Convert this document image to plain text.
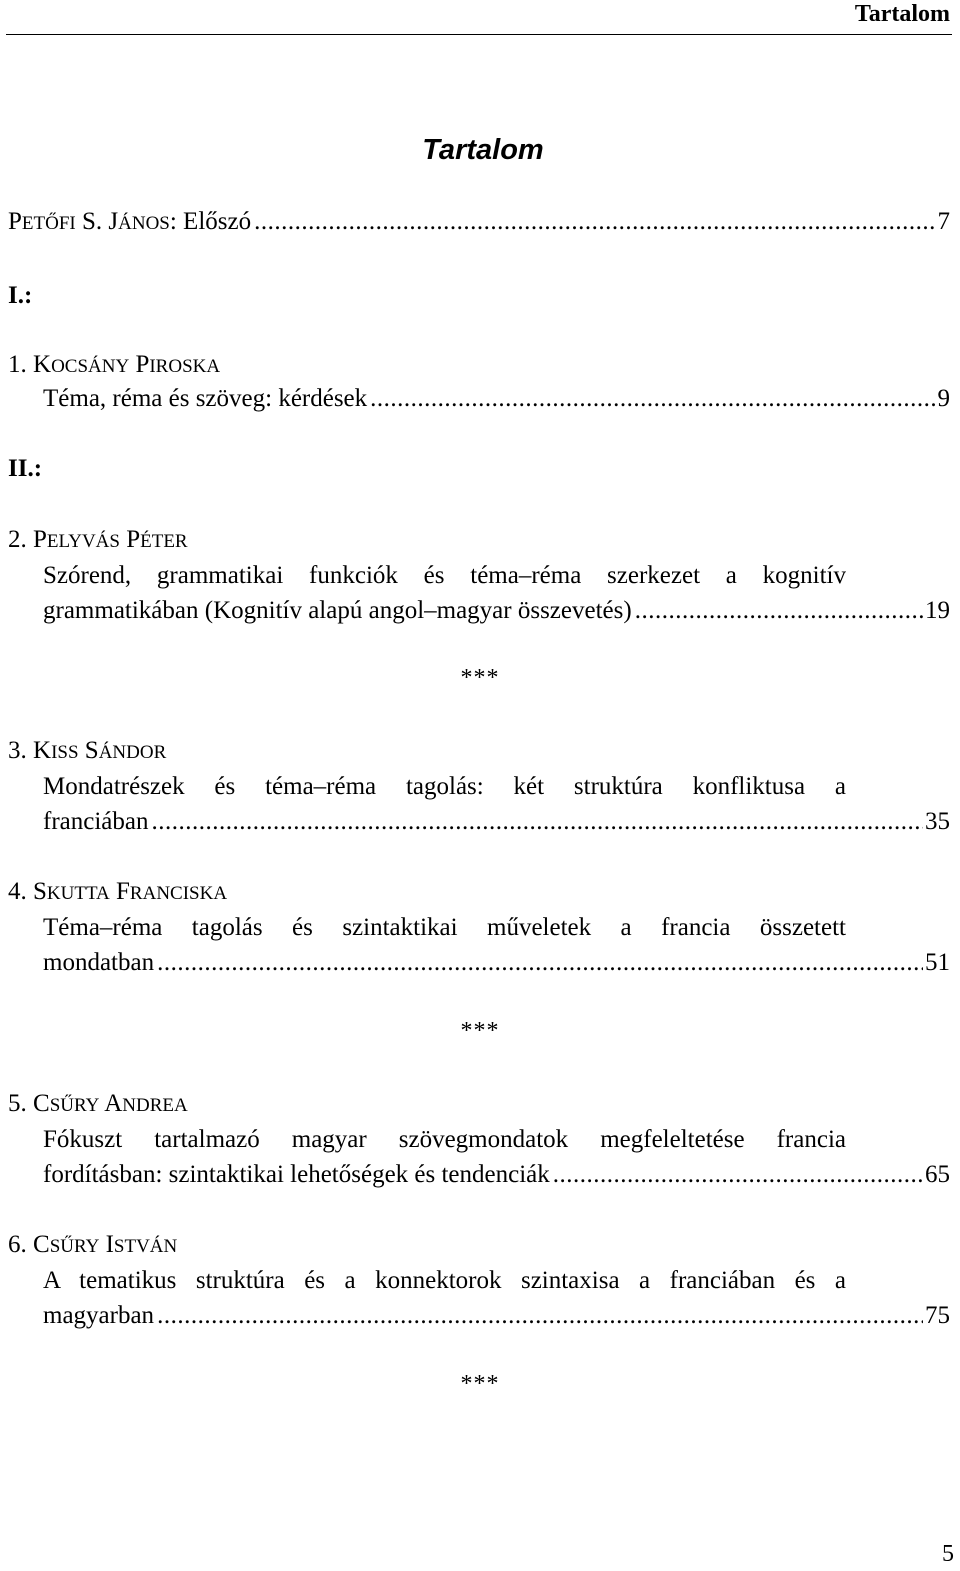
Tartalom
Tartalom
PETŐFI S. JÁNOS: Előszó .....	7
I.:
1. KOCSÁNY PIROSKA
Téma, réma és szöveg: kérdések .....	9
II.:
2. PELYVÁS PÉTER
Szórend, grammatikai funkciók és téma–réma szerkezet a kognitív
grammatikában (Kognitív alapú angol–magyar összevetés) .....	19
***
3. KISS SÁNDOR
Mondatrészek és téma–réma tagolás: két struktúra konfliktusa a
franciában .....	35
4. SKUTTA FRANCISKA
Téma–réma tagolás és szintaktikai műveletek a francia összetett
mondatban .....	51
***
5. CSŰRY ANDREA
Fókuszt tartalmazó magyar szövegmondatok megfeleltetése francia
fordításban: szintaktikai lehetőségek és tendenciák .....	65
6. CSŰRY ISTVÁN
A tematikus struktúra és a konnektorok szintaxisa a franciában és a
magyarban .....	75
***
5
